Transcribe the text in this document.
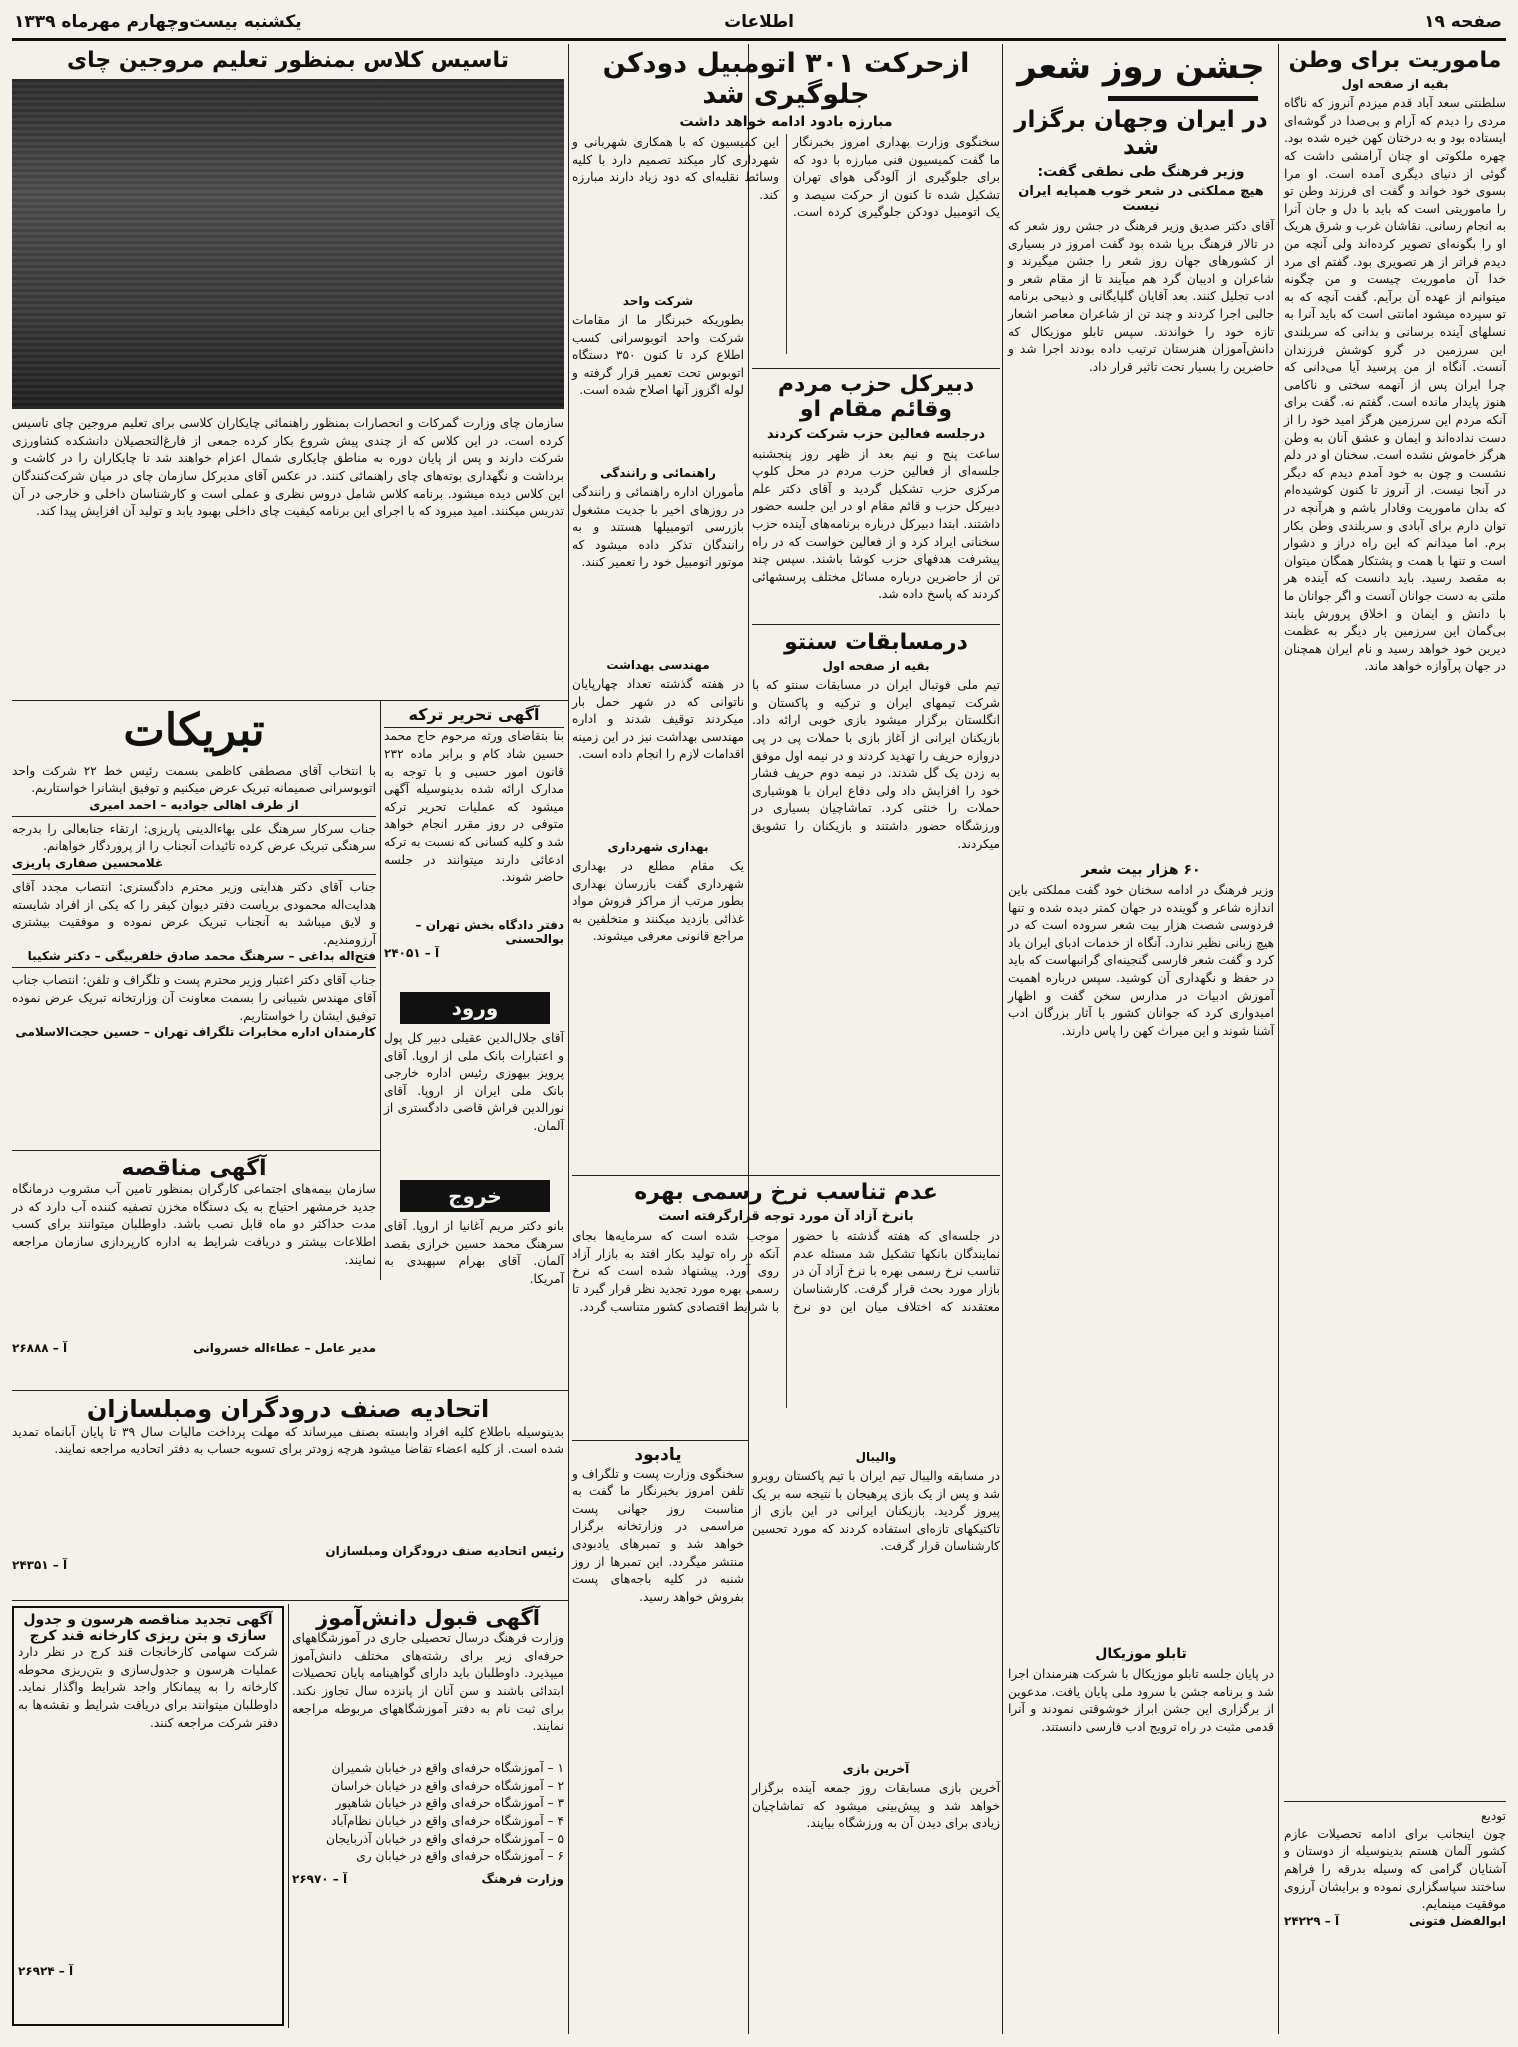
صفحه ۱۹
اطلاعات
یکشنبه بیست‌وچهارم مهرماه ۱۳۳۹
ماموریت برای وطن
بقیه از صفحه اول
سلطنتی سعد آباد قدم میزدم آنروز که ناگاه مردی را دیدم که آرام و بی‌صدا در گوشه‌ای ایستاده بود و به درختان کهن خیره شده بود. چهره ملکوتی او چنان آرامشی داشت که گوئی از دنیای دیگری آمده است. او مرا بسوی خود خواند و گفت ای فرزند وطن تو را ماموریتی است که باید با دل و جان آنرا به انجام رسانی. نقاشان غرب و شرق هریک او را بگونه‌ای تصویر کرده‌اند ولی آنچه من دیدم فراتر از هر تصویری بود. گفتم ای مرد خدا آن ماموریت چیست و من چگونه میتوانم از عهده آن برآیم. گفت آنچه که به تو سپرده میشود امانتی است که باید آنرا به نسلهای آینده برسانی و بدانی که سربلندی این سرزمین در گرو کوشش فرزندان آنست. آنگاه از من پرسید آیا می‌دانی که چرا ایران پس از آنهمه سختی و ناکامی هنوز پایدار مانده است. گفتم نه. گفت برای آنکه مردم این سرزمین هرگز امید خود را از دست نداده‌اند و ایمان و عشق آنان به وطن هرگز خاموش نشده است. سخنان او در دلم نشست و چون به خود آمدم دیدم که دیگر در آنجا نیست. از آنروز تا کنون کوشیده‌ام که بدان ماموریت وفادار باشم و هرآنچه در توان دارم برای آبادی و سربلندی وطن بکار برم. اما میدانم که این راه دراز و دشوار است و تنها با همت و پشتکار همگان میتوان به مقصد رسید. باید دانست که آینده هر ملتی به دست جوانان آنست و اگر جوانان ما با دانش و ایمان و اخلاق پرورش یابند بی‌گمان این سرزمین بار دیگر به عظمت دیرین خود خواهد رسید و نام ایران همچنان در جهان پرآوازه خواهد ماند.
تودیع
چون اینجانب برای ادامه تحصیلات عازم کشور آلمان هستم بدینوسیله از دوستان و آشنایان گرامی که وسیله بدرقه را فراهم ساختند سپاسگزاری نموده و برایشان آرزوی موفقیت مینمایم.
ابوالفضل فتونی
آ – ۲۴۲۲۹
جشن روز شعر
در ایران وجهان برگزار شد
وزیر فرهنگ طی نطقی گفت:
هیچ مملکتی در شعر خوب همپایه ایران نیست
آقای دکتر صدیق وزیر فرهنگ در جشن روز شعر که در تالار فرهنگ برپا شده بود گفت امروز در بسیاری از کشورهای جهان روز شعر را جشن میگیرند و شاعران و ادیبان گرد هم میآیند تا از مقام شعر و ادب تجلیل کنند. بعد آقایان گلپایگانی و ذبیحی برنامه جالبی اجرا کردند و چند تن از شاعران معاصر اشعار تازه خود را خواندند. سپس تابلو موزیکال که دانش‌آموزان هنرستان ترتیب داده بودند اجرا شد و حاضرین را بسیار تحت تاثیر قرار داد.
۶۰ هزار بیت شعر
وزیر فرهنگ در ادامه سخنان خود گفت مملکتی باین اندازه شاعر و گوینده در جهان کمتر دیده شده و تنها فردوسی شصت هزار بیت شعر سروده است که در هیچ زبانی نظیر ندارد. آنگاه از خدمات ادبای ایران یاد کرد و گفت شعر فارسی گنجینه‌ای گرانبهاست که باید در حفظ و نگهداری آن کوشید. سپس درباره اهمیت آموزش ادبیات در مدارس سخن گفت و اظهار امیدواری کرد که جوانان کشور با آثار بزرگان ادب آشنا شوند و این میراث کهن را پاس دارند.
تابلو موزیکال
در پایان جلسه تابلو موزیکال با شرکت هنرمندان اجرا شد و برنامه جشن با سرود ملی پایان یافت. مدعوین از برگزاری این جشن ابراز خوشوقتی نمودند و آنرا قدمی مثبت در راه ترویج ادب فارسی دانستند.
ازحرکت ۳۰۱ اتومبیل دودکن جلوگیری شد
مبارزه بادود ادامه خواهد داشت
سخنگوی وزارت بهداری امروز بخبرنگار ما گفت کمیسیون فنی مبارزه با دود که برای جلوگیری از آلودگی هوای تهران تشکیل شده تا کنون از حرکت سیصد و یک اتومبیل دودکن جلوگیری کرده است. این کمیسیون که با همکاری شهربانی و شهرداری کار میکند تصمیم دارد با کلیه وسائط نقلیه‌ای که دود زیاد دارند مبارزه کند.
شرکت واحد
بطوریکه خبرنگار ما از مقامات شرکت واحد اتوبوسرانی کسب اطلاع کرد تا کنون ۳۵۰ دستگاه اتوبوس تحت تعمیر قرار گرفته و لوله اگزوز آنها اصلاح شده است.
راهنمائی و رانندگی
مأموران اداره راهنمائی و رانندگی در روزهای اخیر با جدیت مشغول بازرسی اتومبیلها هستند و به رانندگان تذکر داده میشود که موتور اتومبیل خود را تعمیر کنند.
مهندسی بهداشت
در هفته گذشته تعداد چهارپایان ناتوانی که در شهر حمل بار میکردند توقیف شدند و اداره مهندسی بهداشت نیز در این زمینه اقدامات لازم را انجام داده است.
بهداری شهرداری
یک مقام مطلع در بهداری شهرداری گفت بازرسان بهداری بطور مرتب از مراکز فروش مواد غذائی بازدید میکنند و متخلفین به مراجع قانونی معرفی میشوند.
دبیرکل حزب مردم وقائم مقام او
درجلسه فعالین حزب شرکت کردند
ساعت پنج و نیم بعد از ظهر روز پنجشنبه جلسه‌ای از فعالین حزب مردم در محل کلوپ مرکزی حزب تشکیل گردید و آقای دکتر علم دبیرکل حزب و قائم مقام او در این جلسه حضور داشتند. ابتدا دبیرکل درباره برنامه‌های آینده حزب سخنانی ایراد کرد و از فعالین خواست که در راه پیشرفت هدفهای حزب کوشا باشند. سپس چند تن از حاضرین درباره مسائل مختلف پرسشهائی کردند که پاسخ داده شد.
درمسابقات سنتو
بقیه از صفحه اول
تیم ملی فوتبال ایران در مسابقات سنتو که با شرکت تیمهای ایران و ترکیه و پاکستان و انگلستان برگزار میشود بازی خوبی ارائه داد. بازیکنان ایرانی از آغاز بازی با حملات پی در پی دروازه حریف را تهدید کردند و در نیمه اول موفق به زدن یک گل شدند. در نیمه دوم حریف فشار خود را افزایش داد ولی دفاع ایران با هوشیاری حملات را خنثی کرد. تماشاچیان بسیاری در ورزشگاه حضور داشتند و بازیکنان را تشویق میکردند.
عدم تناسب نرخ رسمی بهره
بانرخ آزاد آن مورد توجه قرارگرفته است
در جلسه‌ای که هفته گذشته با حضور نمایندگان بانکها تشکیل شد مسئله عدم تناسب نرخ رسمی بهره با نرخ آزاد آن در بازار مورد بحث قرار گرفت. کارشناسان معتقدند که اختلاف میان این دو نرخ موجب شده است که سرمایه‌ها بجای آنکه در راه تولید بکار افتد به بازار آزاد روی آورد. پیشنهاد شده است که نرخ رسمی بهره مورد تجدید نظر قرار گیرد تا با شرایط اقتصادی کشور متناسب گردد.
یادبود
سخنگوی وزارت پست و تلگراف و تلفن امروز بخبرنگار ما گفت به مناسبت روز جهانی پست مراسمی در وزارتخانه برگزار خواهد شد و تمبرهای یادبودی منتشر میگردد. این تمبرها از روز شنبه در کلیه باجه‌های پست بفروش خواهد رسید.
والیبال
در مسابقه والیبال تیم ایران با تیم پاکستان روبرو شد و پس از یک بازی پرهیجان با نتیجه سه بر یک پیروز گردید. بازیکنان ایرانی در این بازی از تاکتیکهای تازه‌ای استفاده کردند که مورد تحسین کارشناسان قرار گرفت.
آخرین بازی
آخرین بازی مسابقات روز جمعه آینده برگزار خواهد شد و پیش‌بینی میشود که تماشاچیان زیادی برای دیدن آن به ورزشگاه بیایند.
تاسیس کلاس بمنظور تعلیم مروجین چای
سازمان چای وزارت گمرکات و انحصارات بمنظور راهنمائی چایکاران کلاسی برای تعلیم مروجین چای تاسیس کرده است. در این کلاس که از چندی پیش شروع بکار کرده جمعی از فارغ‌التحصیلان دانشکده کشاورزی شرکت دارند و پس از پایان دوره به مناطق چایکاری شمال اعزام خواهند شد تا چایکاران را در کاشت و برداشت و نگهداری بوته‌های چای راهنمائی کنند. در عکس آقای مدیرکل سازمان چای در میان شرکت‌کنندگان این کلاس دیده میشود. برنامه کلاس شامل دروس نظری و عملی است و کارشناسان داخلی و خارجی در آن تدریس میکنند. امید میرود که با اجرای این برنامه کیفیت چای داخلی بهبود یابد و تولید آن افزایش پیدا کند.
تبریکات
با انتخاب آقای مصطفی کاظمی بسمت رئیس خط ۲۲ شرکت واحد اتوبوسرانی صمیمانه تبریک عرض میکنیم و توفیق ایشانرا خواستاریم.
از طرف اهالی جوادیه – احمد امیری
جناب سرکار سرهنگ علی بهاءالدینی پاریزی: ارتقاء جنابعالی را بدرجه سرهنگی تبریک عرض کرده تائیدات آنجناب را از پروردگار خواهانم.
غلامحسین صفاری پاریزی
جناب آقای دکتر هدایتی وزیر محترم دادگستری: انتصاب مجدد آقای هدایت‌اله محمودی بریاست دفتر دیوان کیفر را که یکی از افراد شایسته و لایق میباشد به آنجناب تبریک عرض نموده و موفقیت بیشتری آرزومندیم.
فتح‌اله بداغی – سرهنگ محمد صادق خلفربیگی – دکتر شکیبا
جناب آقای دکتر اعتبار وزیر محترم پست و تلگراف و تلفن: انتصاب جناب آقای مهندس شیبانی را بسمت معاونت آن وزارتخانه تبریک عرض نموده توفیق ایشان را خواستاریم.
کارمندان اداره مخابرات تلگراف تهران – حسین حجت‌الاسلامی
آگهی تحریر ترکه
بنا بتقاضای ورثه مرحوم حاج محمد حسین شاد کام و برابر ماده ۲۳۲ قانون امور حسبی و با توجه به مدارک ارائه شده بدینوسیله آگهی میشود که عملیات تحریر ترکه متوفی در روز مقرر انجام خواهد شد و کلیه کسانی که نسبت به ترکه ادعائی دارند میتوانند در جلسه حاضر شوند.
دفتر دادگاه بخش تهران – بوالحسنی
آ – ۲۴۰۵۱
ورود
آقای جلال‌الدین عقیلی دبیر کل پول و اعتبارات بانک ملی از اروپا. آقای پرویز بیهوزی رئیس اداره خارجی بانک ملی ایران از اروپا. آقای نورالدین فراش قاضی دادگستری از آلمان.
خروج
بانو دکتر مریم آغانیا از اروپا. آقای سرهنگ محمد حسین خرازی بقصد آلمان. آقای بهرام سپهبدی به آمریکا.
آگهی مناقصه
سازمان بیمه‌های اجتماعی کارگران بمنظور تامین آب مشروب درمانگاه جدید خرمشهر احتیاج به یک دستگاه مخزن تصفیه کننده آب دارد که در مدت حداکثر دو ماه قابل نصب باشد. داوطلبان میتوانند برای کسب اطلاعات بیشتر و دریافت شرایط به اداره کارپردازی سازمان مراجعه نمایند.
مدیر عامل – عطاءاله خسروانی
آ – ۲۶۸۸۸
اتحادیه صنف درودگران ومبلسازان
بدینوسیله باطلاع کلیه افراد وابسته بصنف میرساند که مهلت پرداخت مالیات سال ۳۹ تا پایان آبانماه تمدید شده است. از کلیه اعضاء تقاضا میشود هرچه زودتر برای تسویه حساب به دفتر اتحادیه مراجعه نمایند.
رئیس اتحادیه صنف درودگران ومبلسازان
آ – ۲۴۳۵۱
آگهی قبول دانش‌آموز
وزارت فرهنگ درسال تحصیلی جاری در آموزشگاههای حرفه‌ای زیر برای رشته‌های مختلف دانش‌آموز میپذیرد. داوطلبان باید دارای گواهینامه پایان تحصیلات ابتدائی باشند و سن آنان از پانزده سال تجاوز نکند. برای ثبت نام به دفتر آموزشگاههای مربوطه مراجعه نمایند.
۱ – آموزشگاه حرفه‌ای واقع در خیابان شمیران
۲ – آموزشگاه حرفه‌ای واقع در خیابان خراسان
۳ – آموزشگاه حرفه‌ای واقع در خیابان شاهپور
۴ – آموزشگاه حرفه‌ای واقع در خیابان نظام‌آباد
۵ – آموزشگاه حرفه‌ای واقع در خیابان آذربایجان
۶ – آموزشگاه حرفه‌ای واقع در خیابان ری
وزارت فرهنگ
آ – ۲۶۹۷۰
آگهی تجدید مناقصه هرسون و جدول سازی و بتن ریزی کارخانه قند کرج
شرکت سهامی کارخانجات قند کرج در نظر دارد عملیات هرسون و جدول‌سازی و بتن‌ریزی محوطه کارخانه را به پیمانکار واجد شرایط واگذار نماید. داوطلبان میتوانند برای دریافت شرایط و نقشه‌ها به دفتر شرکت مراجعه کنند.
آ – ۲۶۹۲۴
